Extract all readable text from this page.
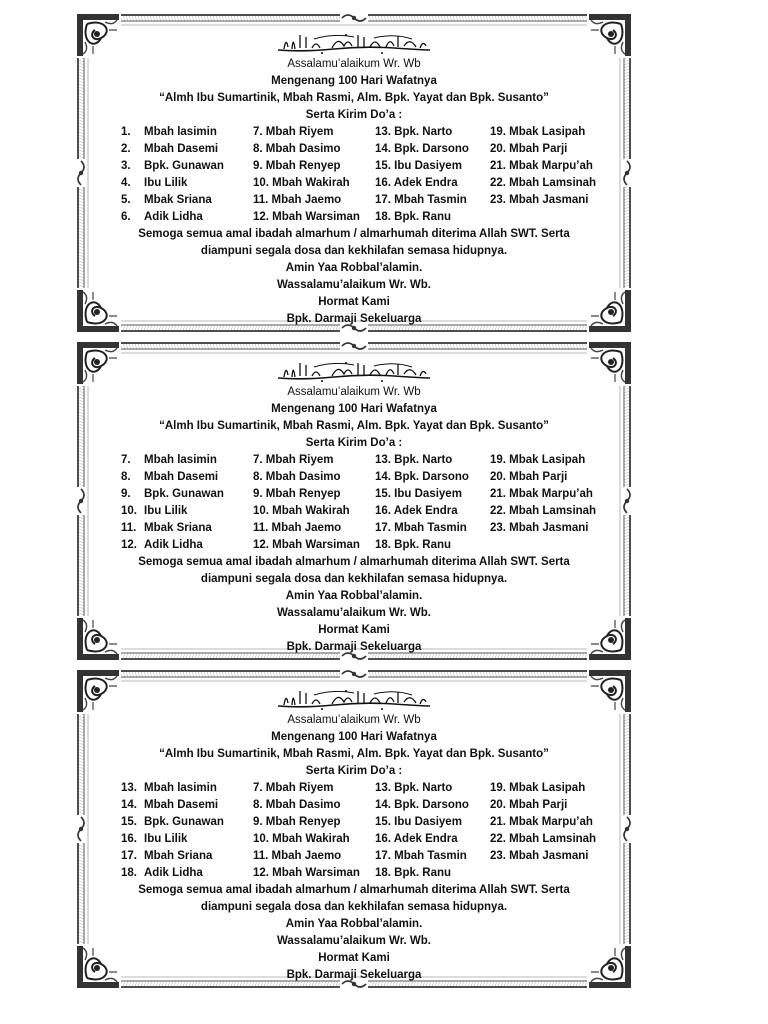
Assalamu’alaikum Wr. Wb
Mengenang 100 Hari Wafatnya
“Almh Ibu Sumartinik, Mbah Rasmi, Alm. Bpk. Yayat dan Bpk. Susanto”
Serta Kirim Do’a :
1. Mbah lasimin	7. Mbah Riyem	13. Bpk. Narto	19. Mbak Lasipah
2. Mbah Dasemi	8. Mbah Dasimo	14. Bpk. Darsono 20. Mbah Parji
3. Bpk. Gunawan	9. Mbah Renyep	15. Ibu Dasiyem 21. Mbak Marpu’ah
4. Ibu Lilik	10. Mbah Wakirah 16. Adek Endra	22. Mbah Lamsinah
5. Mbak Sriana	11. Mbah Jaemo	17. Mbah Tasmin 23. Mbah Jasmani
6. Adik Lidha	12. Mbah Warsiman 18. Bpk. Ranu
Semoga semua amal ibadah almarhum / almarhumah diterima Allah SWT. Serta
diampuni segala dosa dan kekhilafan semasa hidupnya.
Amin Yaa Robbal’alamin.
Wassalamu’alaikum Wr. Wb.
Hormat Kami
Bpk. Darmaji Sekeluarga
Assalamu’alaikum Wr. Wb
Mengenang 100 Hari Wafatnya
“Almh Ibu Sumartinik, Mbah Rasmi, Alm. Bpk. Yayat dan Bpk. Susanto”
Serta Kirim Do’a :
7. Mbah lasimin	7. Mbah Riyem	13. Bpk. Narto	19. Mbak Lasipah
8. Mbah Dasemi	8. Mbah Dasimo	14. Bpk. Darsono 20. Mbah Parji
9. Bpk. Gunawan	9. Mbah Renyep	15. Ibu Dasiyem 21. Mbak Marpu’ah
10. Ibu Lilik	10. Mbah Wakirah 16. Adek Endra	22. Mbah Lamsinah
11. Mbak Sriana	11. Mbah Jaemo	17. Mbah Tasmin 23. Mbah Jasmani
12. Adik Lidha	12. Mbah Warsiman 18. Bpk. Ranu
Semoga semua amal ibadah almarhum / almarhumah diterima Allah SWT. Serta
diampuni segala dosa dan kekhilafan semasa hidupnya.
Amin Yaa Robbal’alamin.
Wassalamu’alaikum Wr. Wb.
Hormat Kami
Bpk. Darmaji Sekeluarga
Assalamu’alaikum Wr. Wb
Mengenang 100 Hari Wafatnya
“Almh Ibu Sumartinik, Mbah Rasmi, Alm. Bpk. Yayat dan Bpk. Susanto”
Serta Kirim Do’a :
13. Mbah lasimin	7. Mbah Riyem	13. Bpk. Narto	19. Mbak Lasipah
14. Mbah Dasemi	8. Mbah Dasimo	14. Bpk. Darsono 20. Mbah Parji
15. Bpk. Gunawan	9. Mbah Renyep	15. Ibu Dasiyem 21. Mbak Marpu’ah
16. Ibu Lilik	10. Mbah Wakirah 16. Adek Endra	22. Mbah Lamsinah
17. Mbah Sriana	11. Mbah Jaemo	17. Mbah Tasmin 23. Mbah Jasmani
18. Adik Lidha	12. Mbah Warsiman 18. Bpk. Ranu
Semoga semua amal ibadah almarhum / almarhumah diterima Allah SWT. Serta
diampuni segala dosa dan kekhilafan semasa hidupnya.
Amin Yaa Robbal’alamin.
Wassalamu’alaikum Wr. Wb.
Hormat Kami
Bpk. Darmaji Sekeluarga
